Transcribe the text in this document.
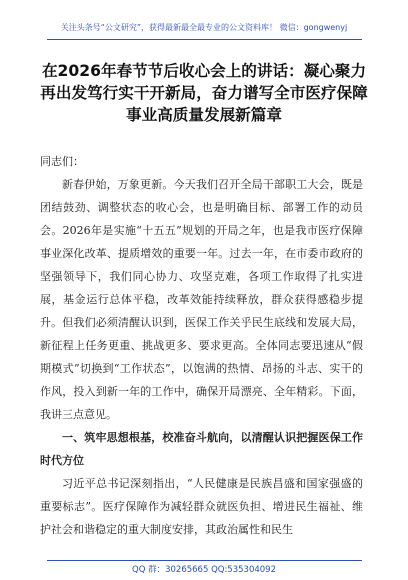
关注头条号“公文研究”，获得最新最全最专业的公文资料库！ 微信：gongwenyj
在2026年春节节后收心会上的讲话：凝心聚力再出发笃行实干开新局，奋力谱写全市医疗保障事业高质量发展新篇章

同志们：

新春伊始，万象更新。今天我们召开全局干部职工大会，既是团结鼓劲、调整状态的收心会，也是明确目标、部署工作的动员会。2026年是实施“十五五”规划的开局之年，也是我市医疗保障事业深化改革、提质增效的重要一年。过去一年，在市委市政府的坚强领导下，我们同心协力、攻坚克难，各项工作取得了扎实进展，基金运行总体平稳，改革效能持续释放，群众获得感稳步提升。但我们必须清醒认识到，医保工作关乎民生底线和发展大局，新征程上任务更重、挑战更多、要求更高。全体同志要迅速从“假期模式”切换到“工作状态”，以饱满的热情、昂扬的斗志、实干的作风，投入到新一年的工作中，确保开局漂亮、全年精彩。下面，我讲三点意见。

一、筑牢思想根基，校准奋斗航向，以清醒认识把握医保工作时代方位

习近平总书记深刻指出，“人民健康是民族昌盛和国家强盛的重要标志”。医疗保障作为减轻群众就医负担、增进民生福祉、维护社会和谐稳定的重大制度安排，其政治属性和民生

QQ 群：30265665 QQ:535304092
